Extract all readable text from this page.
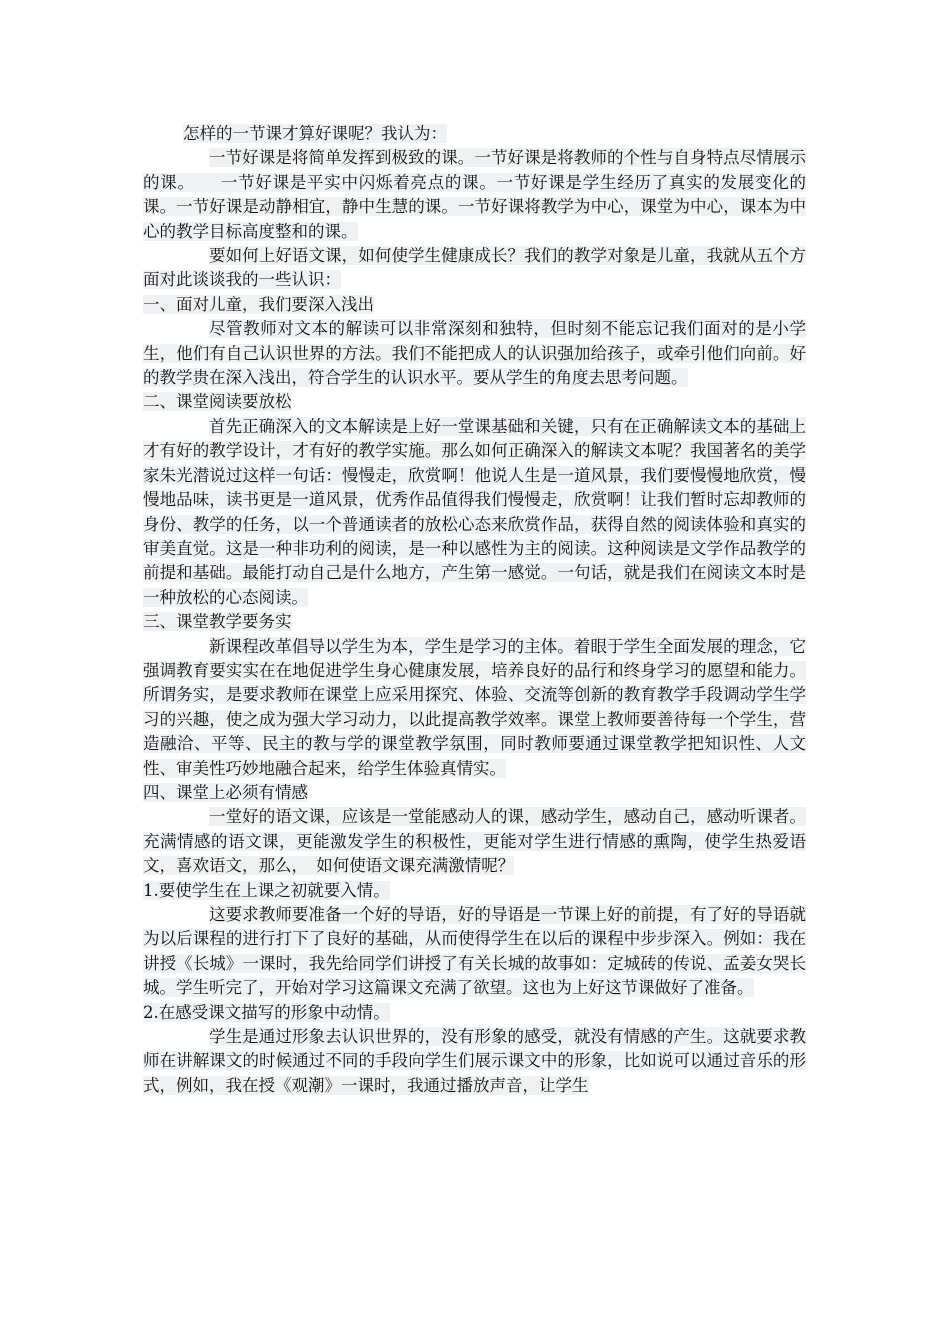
怎样的一节课才算好课呢？我认为：

一节好课是将简单发挥到极致的课。一节好课是将教师的个性与自身特点尽情展示的课。　　一节好课是平实中闪烁着亮点的课。一节好课是学生经历了真实的发展变化的课。一节好课是动静相宜，静中生慧的课。一节好课将教学为中心，课堂为中心，课本为中心的教学目标高度整和的课。

要如何上好语文课，如何使学生健康成长？我们的教学对象是儿童，我就从五个方面对此谈谈我的一些认识：

一、面对儿童，我们要深入浅出

尽管教师对文本的解读可以非常深刻和独特，但时刻不能忘记我们面对的是小学生，他们有自己认识世界的方法。我们不能把成人的认识强加给孩子，或牵引他们向前。好的教学贵在深入浅出，符合学生的认识水平。要从学生的角度去思考问题。

二、课堂阅读要放松

首先正确深入的文本解读是上好一堂课基础和关键，只有在正确解读文本的基础上才有好的教学设计，才有好的教学实施。那么如何正确深入的解读文本呢？我国著名的美学家朱光潜说过这样一句话：慢慢走，欣赏啊！他说人生是一道风景，我们要慢慢地欣赏，慢慢地品味，读书更是一道风景，优秀作品值得我们慢慢走，欣赏啊！让我们暂时忘却教师的身份、教学的任务，以一个普通读者的放松心态来欣赏作品，获得自然的阅读体验和真实的审美直觉。这是一种非功利的阅读，是一种以感性为主的阅读。这种阅读是文学作品教学的前提和基础。最能打动自己是什么地方，产生第一感觉。一句话，就是我们在阅读文本时是一种放松的心态阅读。

三、课堂教学要务实

新课程改革倡导以学生为本，学生是学习的主体。着眼于学生全面发展的理念，它强调教育要实实在在地促进学生身心健康发展，培养良好的品行和终身学习的愿望和能力。所谓务实，是要求教师在课堂上应采用探究、体验、交流等创新的教育教学手段调动学生学习的兴趣，使之成为强大学习动力，以此提高教学效率。课堂上教师要善待每一个学生，营造融洽、平等、民主的教与学的课堂教学氛围，同时教师要通过课堂教学把知识性、人文性、审美性巧妙地融合起来，给学生体验真情实。

四、课堂上必须有情感

一堂好的语文课，应该是一堂能感动人的课，感动学生，感动自己，感动听课者。充满情感的语文课，更能激发学生的积极性，更能对学生进行情感的熏陶，使学生热爱语文，喜欢语文，那么，　如何使语文课充满激情呢？

1.要使学生在上课之初就要入情。

这要求教师要准备一个好的导语，好的导语是一节课上好的前提，有了好的导语就为以后课程的进行打下了良好的基础，从而使得学生在以后的课程中步步深入。例如：我在讲授《长城》一课时，我先给同学们讲授了有关长城的故事如：定城砖的传说、孟姜女哭长城。学生听完了，开始对学习这篇课文充满了欲望。这也为上好这节课做好了准备。

2.在感受课文描写的形象中动情。

学生是通过形象去认识世界的，没有形象的感受，就没有情感的产生。这就要求教师在讲解课文的时候通过不同的手段向学生们展示课文中的形象，比如说可以通过音乐的形式，例如，我在授《观潮》一课时，我通过播放声音，让学生
